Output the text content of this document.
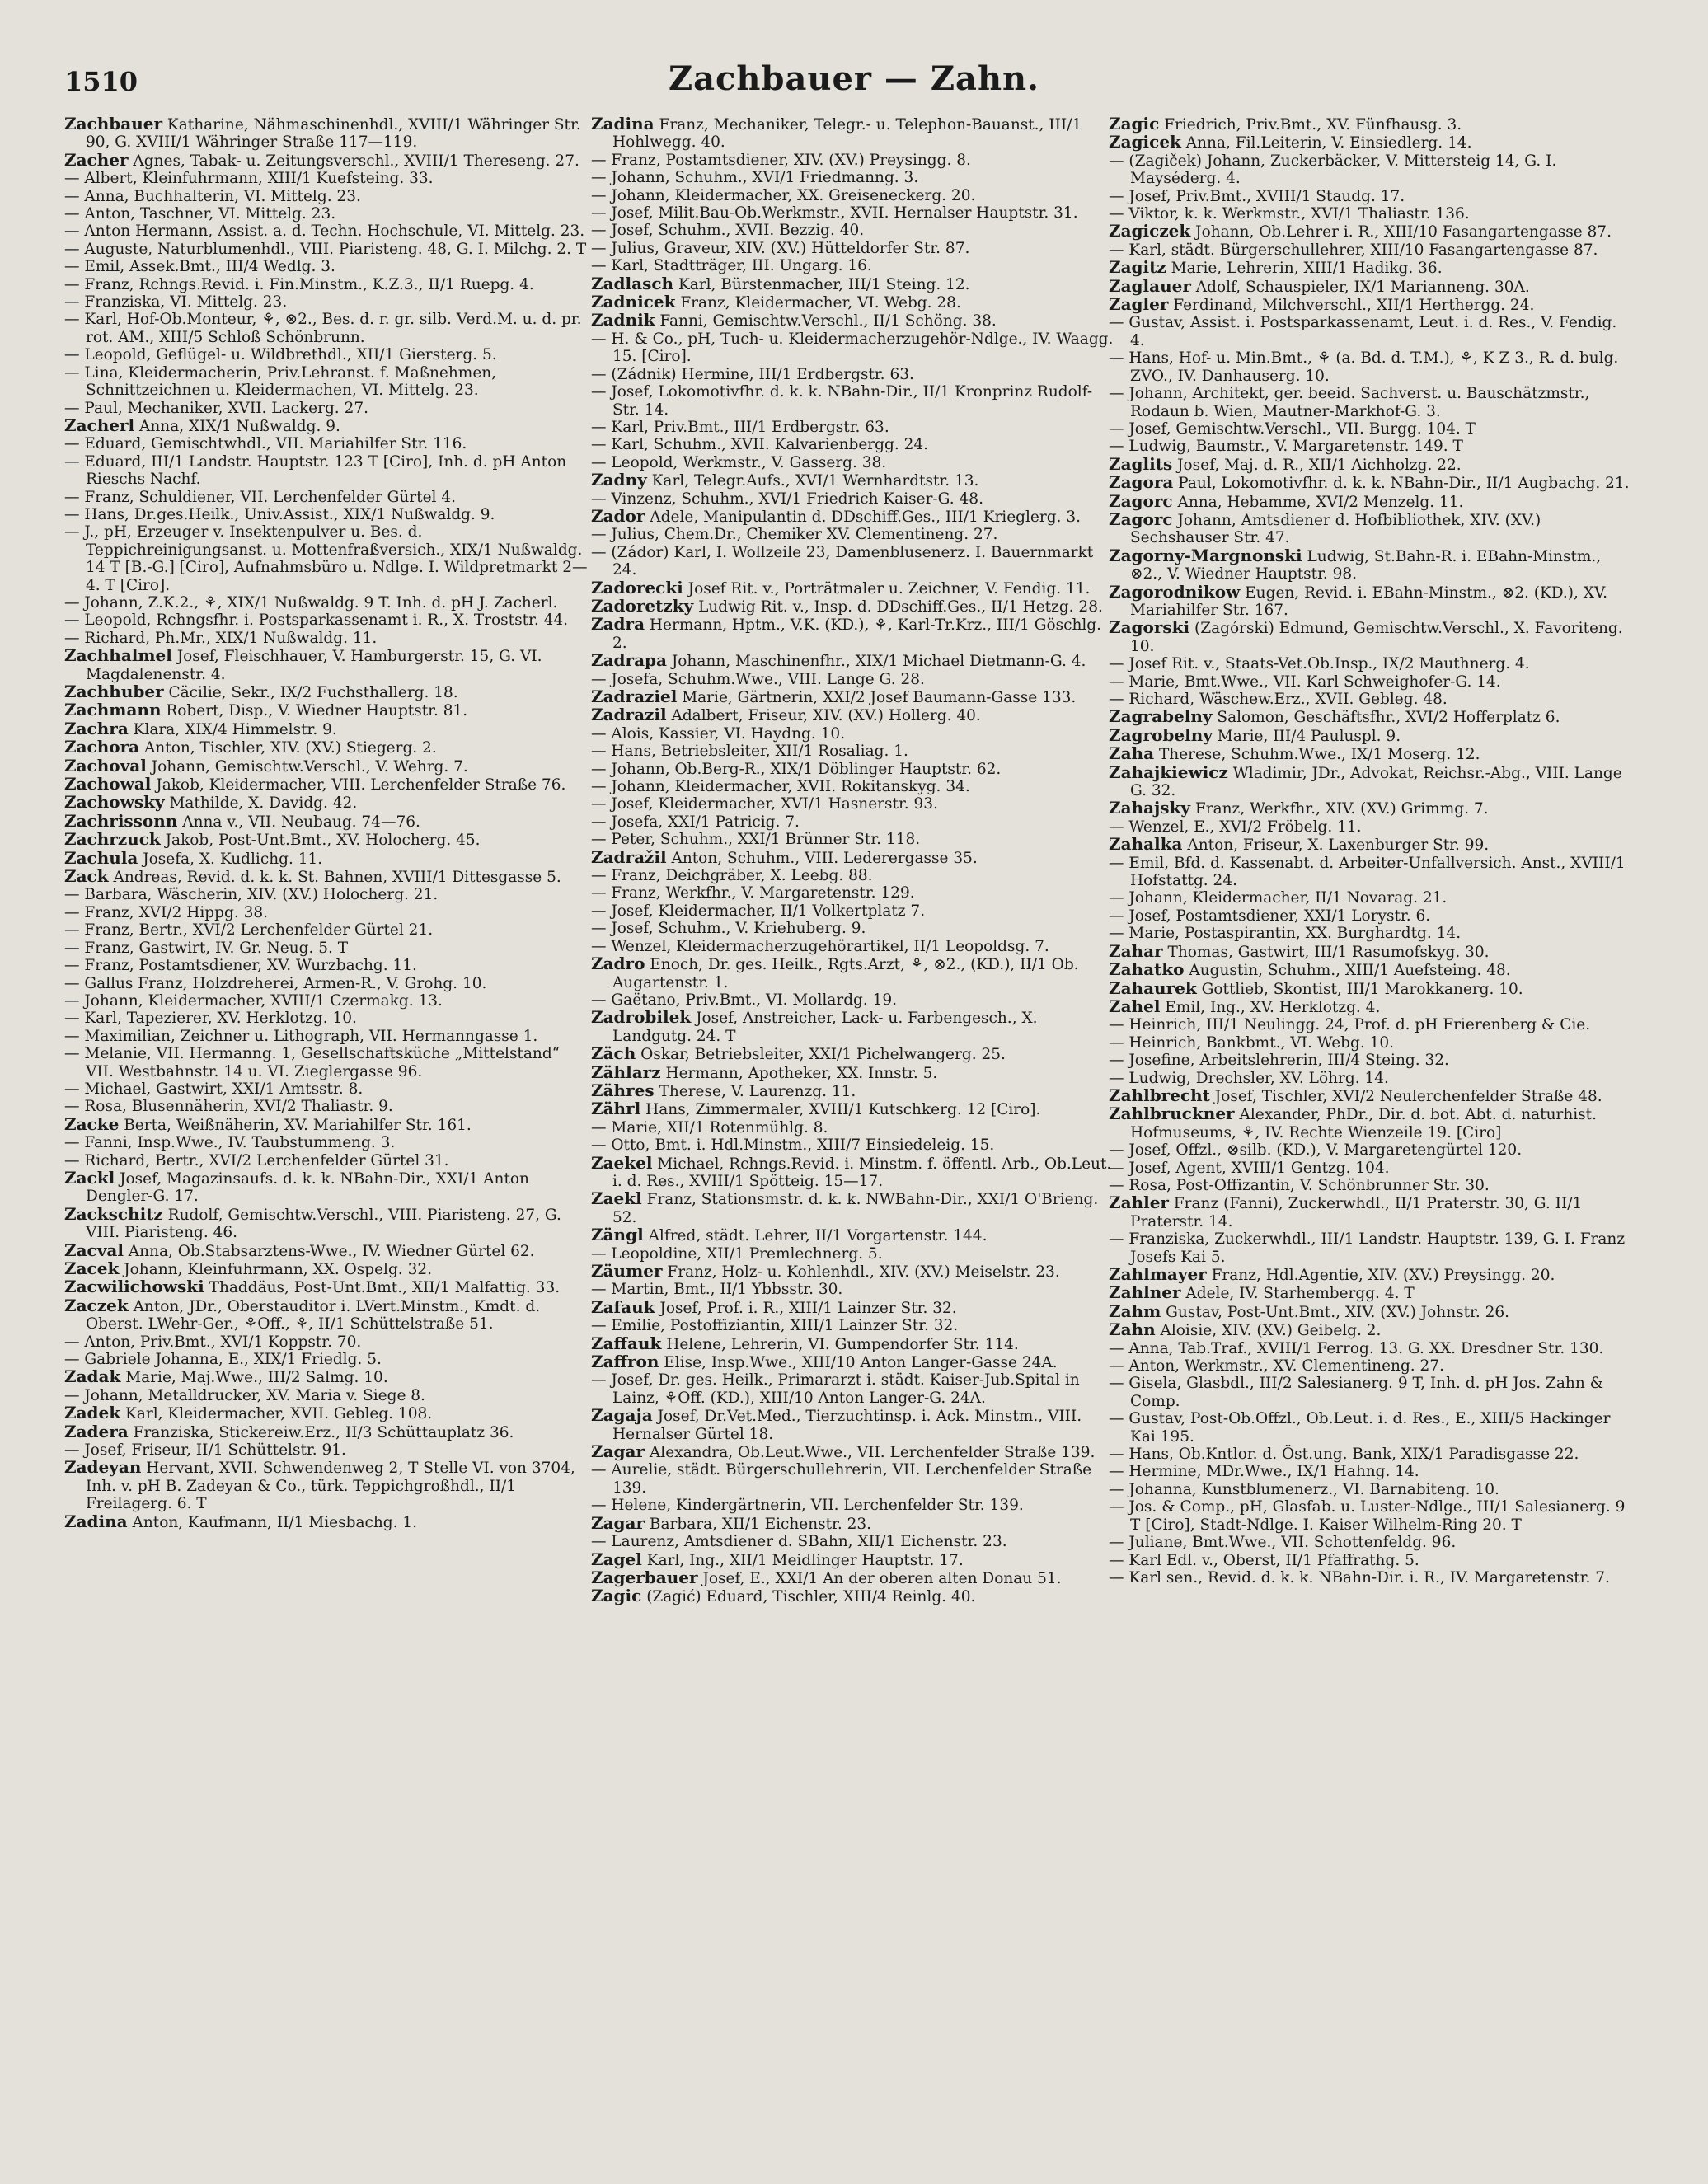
1510	Zachbauer — Zahn.

Zachbauer Katharine, Nähmaschinenhdl., XVIII/1 Währinger Str. 90, G. XVIII/1 Währinger Straße 117—119.

Zacher Agnes, Tabak- u. Zeitungsverschl., XVIII/1 Thereseng. 27.

— Albert, Kleinfuhrmann, XIII/1 Kuefsteing. 33.

— Anna, Buchhalterin, VI. Mittelg. 23.

— Anton, Taschner, VI. Mittelg. 23.

— Anton Hermann, Assist. a. d. Techn. Hochschule, VI. Mittelg. 23.

— Auguste, Naturblumenhdl., VIII. Piaristeng. 48, G. I. Milchg. 2. T

— Emil, Assek.Bmt., III/4 Wedlg. 3.

— Franz, Rchngs.Revid. i. Fin.Minstm., K.Z.3., II/1 Ruepg. 4.

— Franziska, VI. Mittelg. 23.

— Karl, Hof-Ob.Monteur, ⚘, ⊗2., Bes. d. r. gr. silb. Verd.M. u. d. pr. rot. AM., XIII/5 Schloß Schönbrunn.

— Leopold, Geflügel- u. Wildbrethdl., XII/1 Giersterg. 5.

— Lina, Kleidermacherin, Priv.Lehranst. f. Maßnehmen, Schnittzeichnen u. Kleidermachen, VI. Mittelg. 23.

— Paul, Mechaniker, XVII. Lackerg. 27.

Zacherl Anna, XIX/1 Nußwaldg. 9.

— Eduard, Gemischtwhdl., VII. Mariahilfer Str. 116.

— Eduard, III/1 Landstr. Hauptstr. 123 T [Ciro], Inh. d. pH Anton Rieschs Nachf.

— Franz, Schuldiener, VII. Lerchenfelder Gürtel 4.

— Hans, Dr.ges.Heilk., Univ.Assist., XIX/1 Nußwaldg. 9.

— J., pH, Erzeuger v. Insektenpulver u. Bes. d. Teppichreinigungsanst. u. Mottenfraßversich., XIX/1 Nußwaldg. 14 T [B.-G.] [Ciro], Aufnahmsbüro u. Ndlge. I. Wildpretmarkt 2—4. T [Ciro].

— Johann, Z.K.2., ⚘, XIX/1 Nußwaldg. 9 T. Inh. d. pH J. Zacherl.

— Leopold, Rchngsfhr. i. Postsparkassenamt i. R., X. Troststr. 44.

— Richard, Ph.Mr., XIX/1 Nußwaldg. 11.

Zachhalmel Josef, Fleischhauer, V. Hamburgerstr. 15, G. VI. Magdalenenstr. 4.

Zachhuber Cäcilie, Sekr., IX/2 Fuchsthallerg. 18.

Zachmann Robert, Disp., V. Wiedner Hauptstr. 81.

Zachra Klara, XIX/4 Himmelstr. 9.

Zachora Anton, Tischler, XIV. (XV.) Stiegerg. 2.

Zachoval Johann, Gemischtw.Verschl., V. Wehrg. 7.

Zachowal Jakob, Kleidermacher, VIII. Lerchenfelder Straße 76.

Zachowsky Mathilde, X. Davidg. 42.

Zachrissonn Anna v., VII. Neubaug. 74—76.

Zachrzuck Jakob, Post-Unt.Bmt., XV. Holocherg. 45.

Zachula Josefa, X. Kudlichg. 11.

Zack Andreas, Revid. d. k. k. St. Bahnen, XVIII/1 Dittesgasse 5.

— Barbara, Wäscherin, XIV. (XV.) Holocherg. 21.

— Franz, XVI/2 Hippg. 38.

— Franz, Bertr., XVI/2 Lerchenfelder Gürtel 21.

— Franz, Gastwirt, IV. Gr. Neug. 5. T

— Franz, Postamtsdiener, XV. Wurzbachg. 11.

— Gallus Franz, Holzdreherei, Armen-R., V. Grohg. 10.

— Johann, Kleidermacher, XVIII/1 Czermakg. 13.

— Karl, Tapezierer, XV. Herklotzg. 10.

— Maximilian, Zeichner u. Lithograph, VII. Hermanngasse 1.

— Melanie, VII. Hermanng. 1, Gesellschaftsküche „Mittelstand“ VII. Westbahnstr. 14 u. VI. Zieglergasse 96.

— Michael, Gastwirt, XXI/1 Amtsstr. 8.

— Rosa, Blusennäherin, XVI/2 Thaliastr. 9.

Zacke Berta, Weißnäherin, XV. Mariahilfer Str. 161.

— Fanni, Insp.Wwe., IV. Taubstummeng. 3.

— Richard, Bertr., XVI/2 Lerchenfelder Gürtel 31.

Zackl Josef, Magazinsaufs. d. k. k. NBahn-Dir., XXI/1 Anton Dengler-G. 17.

Zackschitz Rudolf, Gemischtw.Verschl., VIII. Piaristeng. 27, G. VIII. Piaristeng. 46.

Zacval Anna, Ob.Stabsarztens-Wwe., IV. Wiedner Gürtel 62.

Zacek Johann, Kleinfuhrmann, XX. Ospelg. 32.

Zacwilichowski Thaddäus, Post-Unt.Bmt., XII/1 Malfattig. 33.

Zaczek Anton, JDr., Oberstauditor i. LVert.Minstm., Kmdt. d. Oberst. LWehr-Ger., ⚘Off., ⚘, II/1 Schüttelstraße 51.

— Anton, Priv.Bmt., XVI/1 Koppstr. 70.

— Gabriele Johanna, E., XIX/1 Friedlg. 5.

Zadak Marie, Maj.Wwe., III/2 Salmg. 10.

— Johann, Metalldrucker, XV. Maria v. Siege 8.

Zadek Karl, Kleidermacher, XVII. Gebleg. 108.

Zadera Franziska, Stickereiw.Erz., II/3 Schüttauplatz 36.

— Josef, Friseur, II/1 Schüttelstr. 91.

Zadeyan Hervant, XVII. Schwendenweg 2, T Stelle VI. von 3704, Inh. v. pH B. Zadeyan & Co., türk. Teppichgroßhdl., II/1 Freilagerg. 6. T

Zadina Anton, Kaufmann, II/1 Miesbachg. 1.

Zadina Franz, Mechaniker, Telegr.- u. Telephon-Bauanst., III/1 Hohlwegg. 40.

— Franz, Postamtsdiener, XIV. (XV.) Preysingg. 8.

— Johann, Schuhm., XVI/1 Friedmanng. 3.

— Johann, Kleidermacher, XX. Greiseneckerg. 20.

— Josef, Milit.Bau-Ob.Werkmstr., XVII. Hernalser Hauptstr. 31.

— Josef, Schuhm., XVII. Bezzig. 40.

— Julius, Graveur, XIV. (XV.) Hütteldorfer Str. 87.

— Karl, Stadtträger, III. Ungarg. 16.

Zadlasch Karl, Bürstenmacher, III/1 Steing. 12.

Zadnicek Franz, Kleidermacher, VI. Webg. 28.

Zadnik Fanni, Gemischtw.Verschl., II/1 Schöng. 38.

— H. & Co., pH, Tuch- u. Kleidermacherzugehör-Ndlge., IV. Waagg. 15. [Ciro].

— (Zádnik) Hermine, III/1 Erdbergstr. 63.

— Josef, Lokomotivfhr. d. k. k. NBahn-Dir., II/1 Kronprinz Rudolf-Str. 14.

— Karl, Priv.Bmt., III/1 Erdbergstr. 63.

— Karl, Schuhm., XVII. Kalvarienbergg. 24.

— Leopold, Werkmstr., V. Gasserg. 38.

Zadny Karl, Telegr.Aufs., XVI/1 Wernhardtstr. 13.

— Vinzenz, Schuhm., XVI/1 Friedrich Kaiser-G. 48.

Zador Adele, Manipulantin d. DDschiff.Ges., III/1 Krieglerg. 3.

— Julius, Chem.Dr., Chemiker XV. Clementineng. 27.

— (Zádor) Karl, I. Wollzeile 23, Damenblusenerz. I. Bauernmarkt 24.

Zadorecki Josef Rit. v., Porträtmaler u. Zeichner, V. Fendig. 11.

Zadoretzky Ludwig Rit. v., Insp. d. DDschiff.Ges., II/1 Hetzg. 28.

Zadra Hermann, Hptm., V.K. (KD.), ⚘, Karl-Tr.Krz., III/1 Göschlg. 2.

Zadrapa Johann, Maschinenfhr., XIX/1 Michael Dietmann-G. 4.

— Josefa, Schuhm.Wwe., VIII. Lange G. 28.

Zadraziel Marie, Gärtnerin, XXI/2 Josef Baumann-Gasse 133.

Zadrazil Adalbert, Friseur, XIV. (XV.) Hollerg. 40.

— Alois, Kassier, VI. Haydng. 10.

— Hans, Betriebsleiter, XII/1 Rosaliag. 1.

— Johann, Ob.Berg-R., XIX/1 Döblinger Hauptstr. 62.

— Johann, Kleidermacher, XVII. Rokitanskyg. 34.

— Josef, Kleidermacher, XVI/1 Hasnerstr. 93.

— Josefa, XXI/1 Patricig. 7.

— Peter, Schuhm., XXI/1 Brünner Str. 118.

Zadražil Anton, Schuhm., VIII. Lederergasse 35.

— Franz, Deichgräber, X. Leebg. 88.

— Franz, Werkfhr., V. Margaretenstr. 129.

— Josef, Kleidermacher, II/1 Volkertplatz 7.

— Josef, Schuhm., V. Kriehuberg. 9.

— Wenzel, Kleidermacherzugehörartikel, II/1 Leopoldsg. 7.

Zadro Enoch, Dr. ges. Heilk., Rgts.Arzt, ⚘, ⊗2., (KD.), II/1 Ob. Augartenstr. 1.

— Gaëtano, Priv.Bmt., VI. Mollardg. 19.

Zadrobilek Josef, Anstreicher, Lack- u. Farbengesch., X. Landgutg. 24. T

Zäch Oskar, Betriebsleiter, XXI/1 Pichelwangerg. 25.

Zählarz Hermann, Apotheker, XX. Innstr. 5.

Zähres Therese, V. Laurenzg. 11.

Zährl Hans, Zimmermaler, XVIII/1 Kutschkerg. 12 [Ciro].

— Marie, XII/1 Rotenmühlg. 8.

— Otto, Bmt. i. Hdl.Minstm., XIII/7 Einsiedeleig. 15.

Zaekel Michael, Rchngs.Revid. i. Minstm. f. öffentl. Arb., Ob.Leut. i. d. Res., XVIII/1 Spötteig. 15—17.

Zaekl Franz, Stationsmstr. d. k. k. NWBahn-Dir., XXI/1 O'Brieng. 52.

Zängl Alfred, städt. Lehrer, II/1 Vorgartenstr. 144.

— Leopoldine, XII/1 Premlechnerg. 5.

Zäumer Franz, Holz- u. Kohlenhdl., XIV. (XV.) Meiselstr. 23.

— Martin, Bmt., II/1 Ybbsstr. 30.

Zafauk Josef, Prof. i. R., XIII/1 Lainzer Str. 32.

— Emilie, Postoffiziantin, XIII/1 Lainzer Str. 32.

Zaffauk Helene, Lehrerin, VI. Gumpendorfer Str. 114.

Zaffron Elise, Insp.Wwe., XIII/10 Anton Langer-Gasse 24A.

— Josef, Dr. ges. Heilk., Primararzt i. städt. Kaiser-Jub.Spital in Lainz, ⚘Off. (KD.), XIII/10 Anton Langer-G. 24A.

Zagaja Josef, Dr.Vet.Med., Tierzuchtinsp. i. Ack. Minstm., VIII. Hernalser Gürtel 18.

Zagar Alexandra, Ob.Leut.Wwe., VII. Lerchenfelder Straße 139.

— Aurelie, städt. Bürgerschullehrerin, VII. Lerchenfelder Straße 139.

— Helene, Kindergärtnerin, VII. Lerchenfelder Str. 139.

Zagar Barbara, XII/1 Eichenstr. 23.

— Laurenz, Amtsdiener d. SBahn, XII/1 Eichenstr. 23.

Zagel Karl, Ing., XII/1 Meidlinger Hauptstr. 17.

Zagerbauer Josef, E., XXI/1 An der oberen alten Donau 51.

Zagic (Zagić) Eduard, Tischler, XIII/4 Reinlg. 40.

Zagic Friedrich, Priv.Bmt., XV. Fünfhausg. 3.

Zagicek Anna, Fil.Leiterin, V. Einsiedlerg. 14.

— (Zagiček) Johann, Zuckerbäcker, V. Mittersteig 14, G. I. Mayséderg. 4.

— Josef, Priv.Bmt., XVIII/1 Staudg. 17.

— Viktor, k. k. Werkmstr., XVI/1 Thaliastr. 136.

Zagiczek Johann, Ob.Lehrer i. R., XIII/10 Fasangartengasse 87.

— Karl, städt. Bürgerschullehrer, XIII/10 Fasangartengasse 87.

Zagitz Marie, Lehrerin, XIII/1 Hadikg. 36.

Zaglauer Adolf, Schauspieler, IX/1 Marianneng. 30A.

Zagler Ferdinand, Milchverschl., XII/1 Herthergg. 24.

— Gustav, Assist. i. Postsparkassenamt, Leut. i. d. Res., V. Fendig. 4.

— Hans, Hof- u. Min.Bmt., ⚘ (a. Bd. d. T.M.), ⚘, K Z 3., R. d. bulg. ZVO., IV. Danhauserg. 10.

— Johann, Architekt, ger. beeid. Sachverst. u. Bauschätzmstr., Rodaun b. Wien, Mautner-Markhof-G. 3.

— Josef, Gemischtw.Verschl., VII. Burgg. 104. T

— Ludwig, Baumstr., V. Margaretenstr. 149. T

Zaglits Josef, Maj. d. R., XII/1 Aichholzg. 22.

Zagora Paul, Lokomotivfhr. d. k. k. NBahn-Dir., II/1 Augbachg. 21.

Zagorc Anna, Hebamme, XVI/2 Menzelg. 11.

Zagorc Johann, Amtsdiener d. Hofbibliothek, XIV. (XV.) Sechshauser Str. 47.

Zagorny-Margnonski Ludwig, St.Bahn-R. i. EBahn-Minstm., ⊗2., V. Wiedner Hauptstr. 98.

Zagorodnikow Eugen, Revid. i. EBahn-Minstm., ⊗2. (KD.), XV. Mariahilfer Str. 167.

Zagorski (Zagórski) Edmund, Gemischtw.Verschl., X. Favoriteng. 10.

— Josef Rit. v., Staats-Vet.Ob.Insp., IX/2 Mauthnerg. 4.

— Marie, Bmt.Wwe., VII. Karl Schweighofer-G. 14.

— Richard, Wäschew.Erz., XVII. Gebleg. 48.

Zagrabelny Salomon, Geschäftsfhr., XVI/2 Hofferplatz 6.

Zagrobelny Marie, III/4 Pauluspl. 9.

Zaha Therese, Schuhm.Wwe., IX/1 Moserg. 12.

Zahajkiewicz Wladimir, JDr., Advokat, Reichsr.-Abg., VIII. Lange G. 32.

Zahajsky Franz, Werkfhr., XIV. (XV.) Grimmg. 7.

— Wenzel, E., XVI/2 Fröbelg. 11.

Zahalka Anton, Friseur, X. Laxenburger Str. 99.

— Emil, Bfd. d. Kassenabt. d. Arbeiter-Unfallversich. Anst., XVIII/1 Hofstattg. 24.

— Johann, Kleidermacher, II/1 Novarag. 21.

— Josef, Postamtsdiener, XXI/1 Lorystr. 6.

— Marie, Postaspirantin, XX. Burghardtg. 14.

Zahar Thomas, Gastwirt, III/1 Rasumofskyg. 30.

Zahatko Augustin, Schuhm., XIII/1 Auefsteing. 48.

Zahaurek Gottlieb, Skontist, III/1 Marokkanerg. 10.

Zahel Emil, Ing., XV. Herklotzg. 4.

— Heinrich, III/1 Neulingg. 24, Prof. d. pH Frierenberg & Cie.

— Heinrich, Bankbmt., VI. Webg. 10.

— Josefine, Arbeitslehrerin, III/4 Steing. 32.

— Ludwig, Drechsler, XV. Löhrg. 14.

Zahlbrecht Josef, Tischler, XVI/2 Neulerchenfelder Straße 48.

Zahlbruckner Alexander, PhDr., Dir. d. bot. Abt. d. naturhist. Hofmuseums, ⚘, IV. Rechte Wienzeile 19. [Ciro]

— Josef, Offzl., ⊗silb. (KD.), V. Margaretengürtel 120.

— Josef, Agent, XVIII/1 Gentzg. 104.

— Rosa, Post-Offizantin, V. Schönbrunner Str. 30.

Zahler Franz (Fanni), Zuckerwhdl., II/1 Praterstr. 30, G. II/1 Praterstr. 14.

— Franziska, Zuckerwhdl., III/1 Landstr. Hauptstr. 139, G. I. Franz Josefs Kai 5.

Zahlmayer Franz, Hdl.Agentie, XIV. (XV.) Preysingg. 20.

Zahlner Adele, IV. Starhembergg. 4. T

Zahm Gustav, Post-Unt.Bmt., XIV. (XV.) Johnstr. 26.

Zahn Aloisie, XIV. (XV.) Geibelg. 2.

— Anna, Tab.Traf., XVIII/1 Ferrog. 13. G. XX. Dresdner Str. 130.

— Anton, Werkmstr., XV. Clementineng. 27.

— Gisela, Glasbdl., III/2 Salesianerg. 9 T, Inh. d. pH Jos. Zahn & Comp.

— Gustav, Post-Ob.Offzl., Ob.Leut. i. d. Res., E., XIII/5 Hackinger Kai 195.

— Hans, Ob.Kntlor. d. Öst.ung. Bank, XIX/1 Paradisgasse 22.

— Hermine, MDr.Wwe., IX/1 Hahng. 14.

— Johanna, Kunstblumenerz., VI. Barnabiteng. 10.

— Jos. & Comp., pH, Glasfab. u. Luster-Ndlge., III/1 Salesianerg. 9 T [Ciro], Stadt-Ndlge. I. Kaiser Wilhelm-Ring 20. T

— Juliane, Bmt.Wwe., VII. Schottenfeldg. 96.

— Karl Edl. v., Oberst, II/1 Pfaffrathg. 5.

— Karl sen., Revid. d. k. k. NBahn-Dir. i. R., IV. Margaretenstr. 7.
